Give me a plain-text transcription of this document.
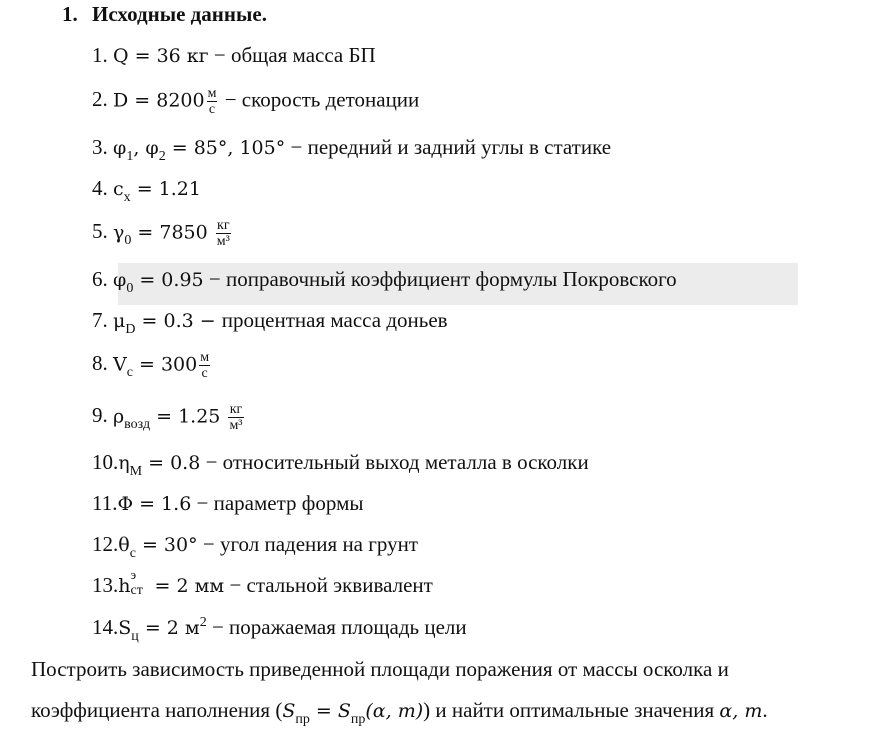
1. Исходные данные.
1. Q = 36 кг − общая масса БП
2. $D = 8200 \frac{м}{с}$ − скорость детонации
3. $\varphi_1$, $\varphi_2 = 85^\circ$, 105° − передний и задний углы в статике
4. $c_x = 1.21$
5. $\gamma_0 = 7850 \frac{кг}{\text{м³}}$
6. $\varphi_0 = 0.95$ − поправочный коэффициент формулы Покровского
7. $\mu_D = 0.3$ − процентная масса доньев
8. $V_c = 300 \frac{м}{с}$
9. $\rho_{возд} = 1.25 \frac{кг}{\text{м³}}$
$10.\eta_M = 0.8$ − относительный выход металла в осколки
11.Φ = 1.6 − параметр формы
$12.\theta_c = 30^\circ$ − угол падения на грунт
13.h
э
ст = 2 мм − стальной эквивалент
$14.S_ц = 2$ $м^2$ − поражаемая площадь цели
Построить зависимость приведенной площади поражения от массы осколка и
коэффициента наполнения ($S_{пр} = S_{пр}(\alpha$, m)) и найти оптимальные значения α, m.
